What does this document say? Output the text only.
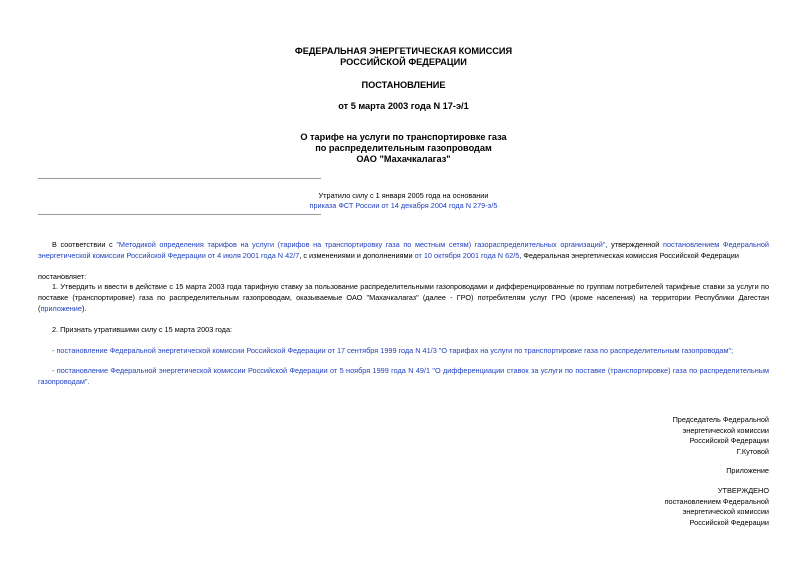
ФЕДЕРАЛЬНАЯ ЭНЕРГЕТИЧЕСКАЯ КОМИССИЯ
РОССИЙСКОЙ ФЕДЕРАЦИИ
ПОСТАНОВЛЕНИЕ
от 5 марта 2003 года N 17-э/1
О тарифе на услуги по транспортировке газа
по распределительным газопроводам
ОАО "Махачкалагаз"
Утратило силу с 1 января 2005 года на основании
приказа ФСТ России от 14 декабря 2004 года N 279-э/5

В соответствии с "Методикой определения тарифов на услуги (тарифов на транспортировку газа по местным сетям) газораспределительных организаций", утвержденной постановлением Федеральной энергетической комиссии Российской Федерации от 4 июля 2001 года N 42/7, с изменениями и дополнениями от 10 октября 2001 года N 62/5, Федеральная энергетическая комиссия Российской Федерации

постановляет:

1. Утвердить и ввести в действие с 15 марта 2003 года тарифную ставку за пользование распределительными газопроводами и дифференцированные по группам потребителей тарифные ставки за услуги по поставке (транспортировке) газа по распределительным газопроводам, оказываемые ОАО "Махачкалагаз" (далее - ГРО) потребителям услуг ГРО (кроме населения) на территории Республики Дагестан (приложение).

2. Признать утратившими силу с 15 марта 2003 года:

- постановление Федеральной энергетической комиссии Российской Федерации от 17 сентября 1999 года N 41/3 "О тарифах на услуги по транспортировке газа по распределительным газопроводам";

- постановление Федеральной энергетической комиссии Российской Федерации от 5 ноября 1999 года N 49/1 "О дифференциации ставок за услуги по поставке (транспортировке) газа по распределительным газопроводам".

Председатель Федеральной
энергетической комиссии
Российской Федерации
Г.Кутовой
Приложение
УТВЕРЖДЕНО
постановлением Федеральной
энергетической комиссии
Российской Федерации
